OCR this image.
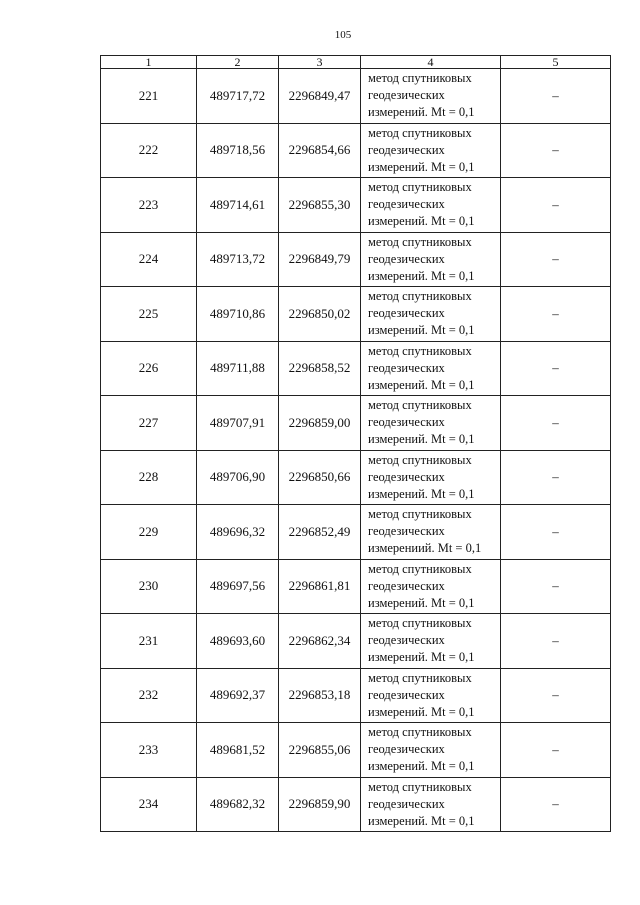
105
1	2	3	4	5
221	489717,72	2296849,47	метод спутниковых
геодезических
измерений. Mt = 0,1	–
222	489718,56	2296854,66	метод спутниковых
геодезических
измерений. Mt = 0,1	–
223	489714,61	2296855,30	метод спутниковых
геодезических
измерений. Mt = 0,1	–
224	489713,72	2296849,79	метод спутниковых
геодезических
измерений. Mt = 0,1	–
225	489710,86	2296850,02	метод спутниковых
геодезических
измерений. Mt = 0,1	–
226	489711,88	2296858,52	метод спутниковых
геодезических
измерений. Mt = 0,1	–
227	489707,91	2296859,00	метод спутниковых
геодезических
измерений. Mt = 0,1	–
228	489706,90	2296850,66	метод спутниковых
геодезических
измерений. Mt = 0,1	–
229	489696,32	2296852,49	метод спутниковых
геодезических
измерениий. Mt = 0,1	–
230	489697,56	2296861,81	метод спутниковых
геодезических
измерений. Mt = 0,1	–
231	489693,60	2296862,34	метод спутниковых
геодезических
измерений. Mt = 0,1	–
232	489692,37	2296853,18	метод спутниковых
геодезических
измерений. Mt = 0,1	–
233	489681,52	2296855,06	метод спутниковых
геодезических
измерений. Mt = 0,1	–
234	489682,32	2296859,90	метод спутниковых
геодезических
измерений. Mt = 0,1	–
